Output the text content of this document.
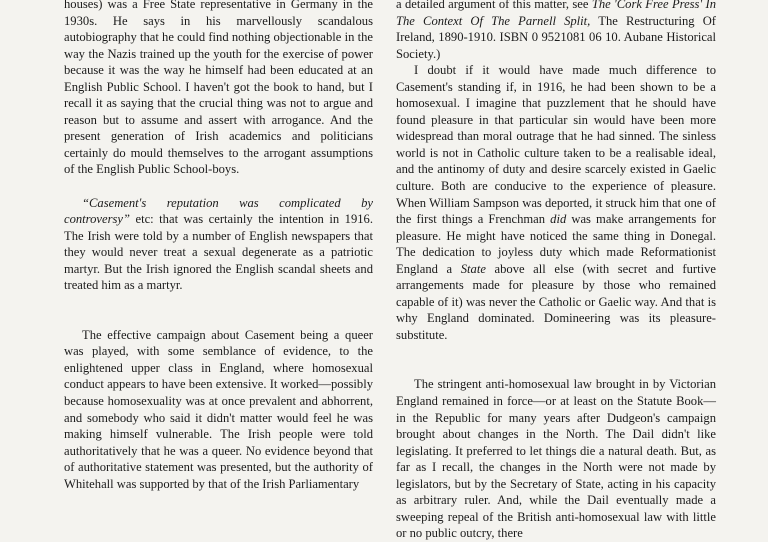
houses) was a Free State representative in Germany in the 1930s. He says in his marvellously scandalous autobiography that he could find nothing objectionable in the way the Nazis trained up the youth for the exercise of power because it was the way he himself had been educated at an English Public School. I haven't got the book to hand, but I recall it as saying that the crucial thing was not to argue and reason but to assume and assert with arrogance. And the present generation of Irish academics and politicians certainly do mould themselves to the arrogant assumptions of the English Public School-boys.

“Casement's reputation was complicated by controversy” etc: that was certainly the intention in 1916. The Irish were told by a number of English newspapers that they would never treat a sexual degenerate as a patriotic martyr. But the Irish ignored the English scandal sheets and treated him as a martyr.

The effective campaign about Casement being a queer was played, with some semblance of evidence, to the enlightened upper class in England, where homosexual conduct appears to have been extensive. It worked—possibly because homosexuality was at once prevalent and abhorrent, and somebody who said it didn't matter would feel he was making himself vulnerable. The Irish people were told authoritatively that he was a queer. No evidence beyond that of authoritative statement was presented, but the authority of Whitehall was supported by that of the Irish Parliamentary

a detailed argument of this matter, see The 'Cork Free Press' In The Context Of The Parnell Split, The Restructuring Of Ireland, 1890-1910. ISBN 0 9521081 06 10. Aubane Historical Society.)

I doubt if it would have made much difference to Casement's standing if, in 1916, he had been shown to be a homosexual. I imagine that puzzlement that he should have found pleasure in that particular sin would have been more widespread than moral outrage that he had sinned. The sinless world is not in Catholic culture taken to be a realisable ideal, and the antinomy of duty and desire scarcely existed in Gaelic culture. Both are conducive to the experience of pleasure. When William Sampson was deported, it struck him that one of the first things a Frenchman did was make arrangements for pleasure. He might have noticed the same thing in Donegal. The dedication to joyless duty which made Reformationist England a State above all else (with secret and furtive arrangements made for pleasure by those who remained capable of it) was never the Catholic or Gaelic way. And that is why England dominated. Domineering was its pleasure-substitute.

The stringent anti-homosexual law brought in by Victorian England remained in force—or at least on the Statute Book—in the Republic for many years after Dudgeon's campaign brought about changes in the North. The Dail didn't like legislating. It preferred to let things die a natural death. But, as far as I recall, the changes in the North were not made by legislators, but by the Secretary of State, acting in his capacity as arbitrary ruler. And, while the Dail eventually made a sweeping repeal of the British anti-homosexual law with little or no public outcry, there
